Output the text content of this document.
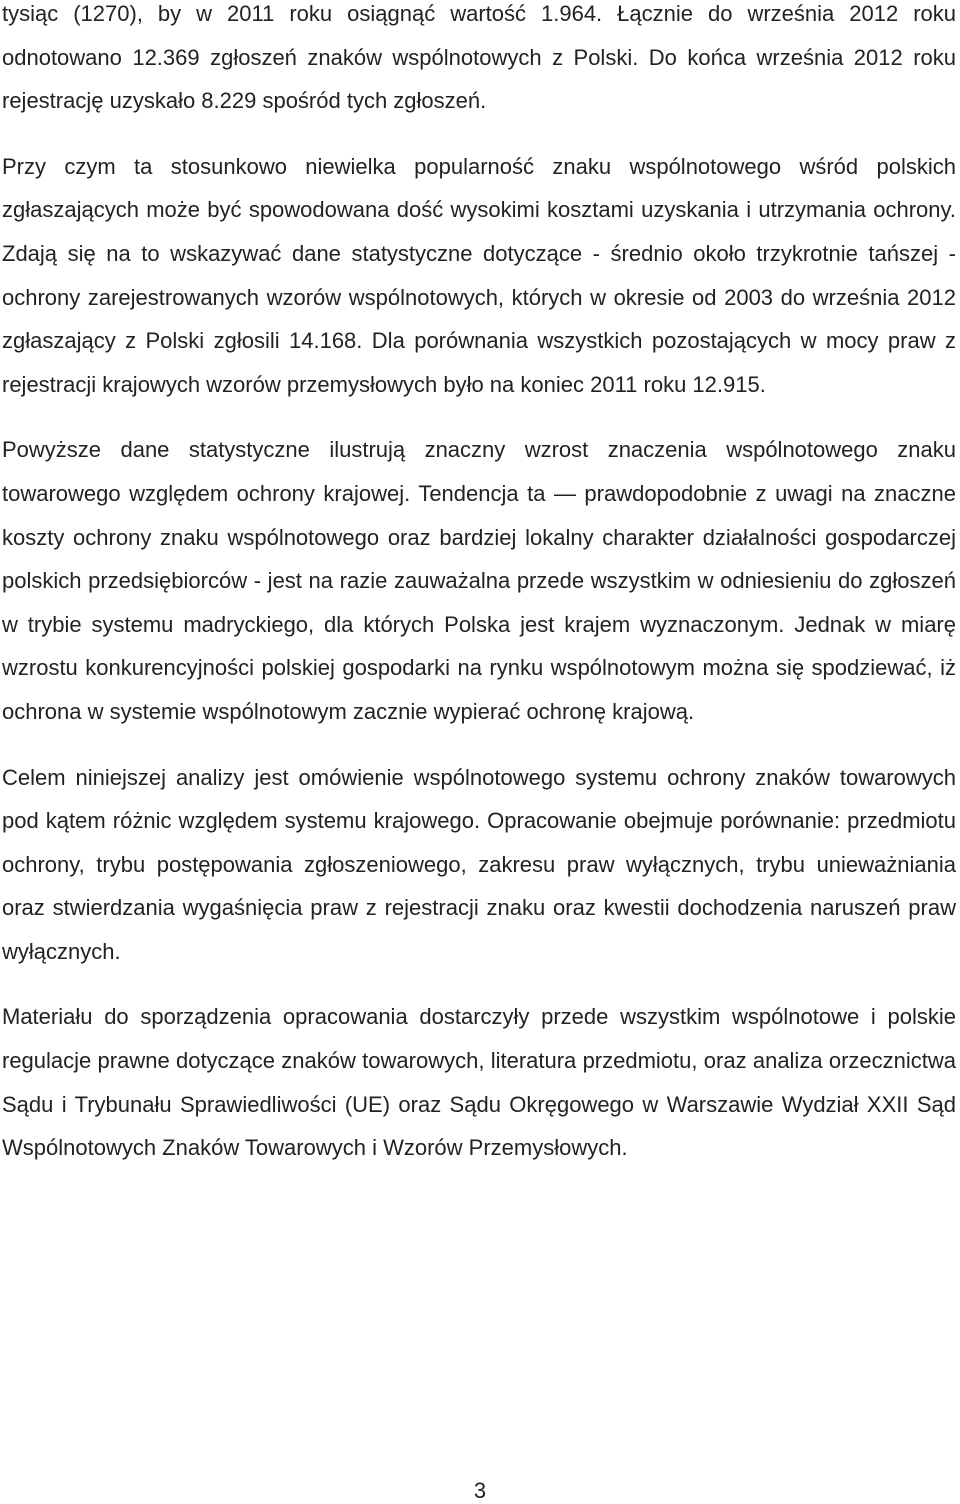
tysiąc (1270), by w 2011 roku osiągnąć wartość 1.964. Łącznie do września 2012 roku odnotowano 12.369 zgłoszeń znaków wspólnotowych z Polski. Do końca września 2012 roku rejestrację uzyskało 8.229 spośród tych zgłoszeń.

Przy czym ta stosunkowo niewielka popularność znaku wspólnotowego wśród polskich zgłaszających może być spowodowana dość wysokimi kosztami uzyskania i utrzymania ochrony. Zdają się na to wskazywać dane statystyczne dotyczące - średnio około trzykrotnie tańszej - ochrony zarejestrowanych wzorów wspólnotowych, których w okresie od 2003 do września 2012 zgłaszający z Polski zgłosili 14.168. Dla porównania wszystkich pozostających w mocy praw z rejestracji krajowych wzorów przemysłowych było na koniec 2011 roku 12.915.

Powyższe dane statystyczne ilustrują znaczny wzrost znaczenia wspólnotowego znaku towarowego względem ochrony krajowej. Tendencja ta — prawdopodobnie z uwagi na znaczne koszty ochrony znaku wspólnotowego oraz bardziej lokalny charakter działalności gospodarczej polskich przedsiębiorców - jest na razie zauważalna przede wszystkim w odniesieniu do zgłoszeń w trybie systemu madryckiego, dla których Polska jest krajem wyznaczonym. Jednak w miarę wzrostu konkurencyjności polskiej gospodarki na rynku wspólnotowym można się spodziewać, iż ochrona w systemie wspólnotowym zacznie wypierać ochronę krajową.

Celem niniejszej analizy jest omówienie wspólnotowego systemu ochrony znaków towarowych pod kątem różnic względem systemu krajowego. Opracowanie obejmuje porównanie: przedmiotu ochrony, trybu postępowania zgłoszeniowego, zakresu praw wyłącznych, trybu unieważniania oraz stwierdzania wygaśnięcia praw z rejestracji znaku oraz kwestii dochodzenia naruszeń praw wyłącznych.

Materiału do sporządzenia opracowania dostarczyły przede wszystkim wspólnotowe i polskie regulacje prawne dotyczące znaków towarowych, literatura przedmiotu, oraz analiza orzecznictwa Sądu i Trybunału Sprawiedliwości (UE) oraz Sądu Okręgowego w Warszawie Wydział XXII Sąd Wspólnotowych Znaków Towarowych i Wzorów Przemysłowych.

3
